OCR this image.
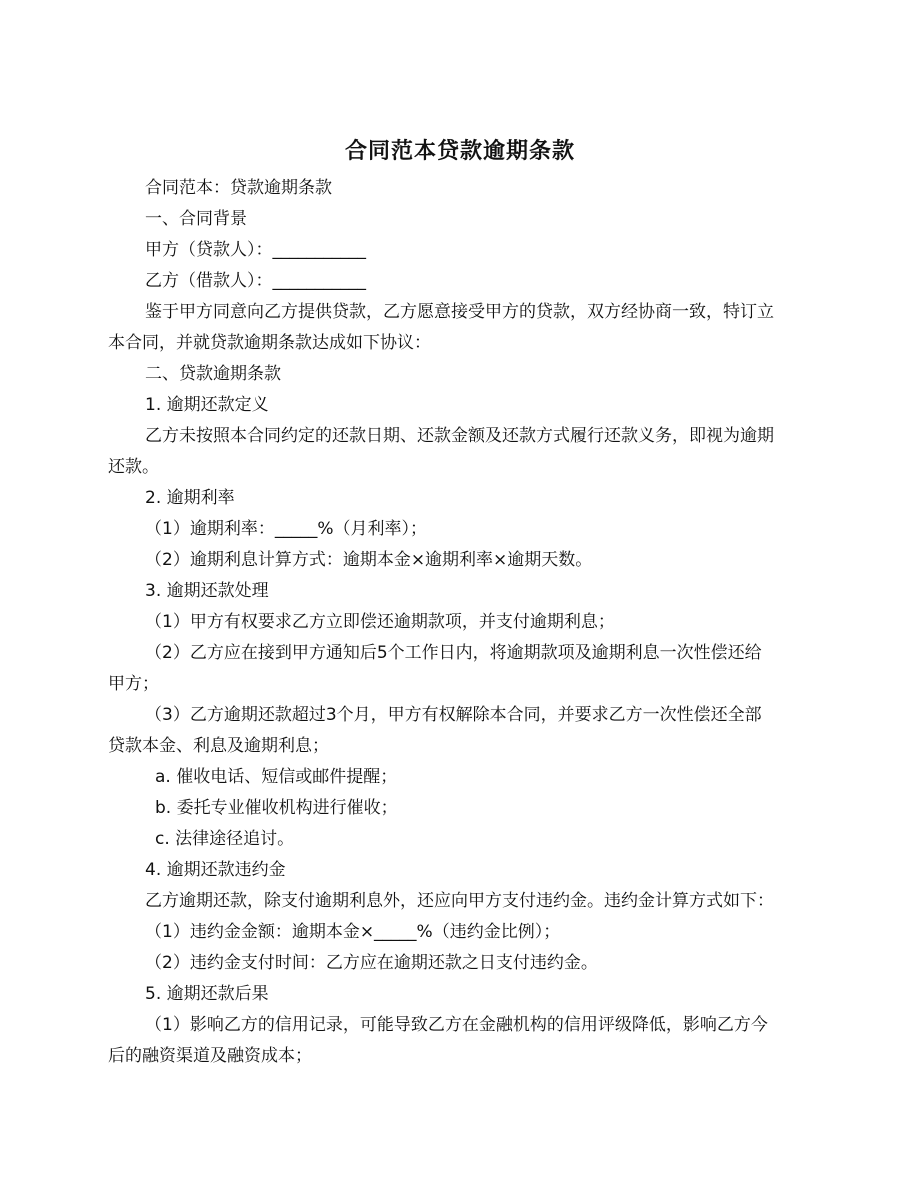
合同范本贷款逾期条款
合同范本：贷款逾期条款
一、合同背景
甲方（贷款人）：___________
乙方（借款人）：___________
鉴于甲方同意向乙方提供贷款，乙方愿意接受甲方的贷款，双方经协商一致，特订立
本合同，并就贷款逾期条款达成如下协议：
二、贷款逾期条款
1. 逾期还款定义
乙方未按照本合同约定的还款日期、还款金额及还款方式履行还款义务，即视为逾期
还款。
2. 逾期利率
（1）逾期利率：_____%（月利率）；
（2）逾期利息计算方式：逾期本金×逾期利率×逾期天数。
3. 逾期还款处理
（1）甲方有权要求乙方立即偿还逾期款项，并支付逾期利息；
（2）乙方应在接到甲方通知后5个工作日内，将逾期款项及逾期利息一次性偿还给
甲方；
（3）乙方逾期还款超过3个月，甲方有权解除本合同，并要求乙方一次性偿还全部
贷款本金、利息及逾期利息；
a. 催收电话、短信或邮件提醒；
b. 委托专业催收机构进行催收；
c. 法律途径追讨。
4. 逾期还款违约金
乙方逾期还款，除支付逾期利息外，还应向甲方支付违约金。违约金计算方式如下：
（1）违约金金额：逾期本金×_____%（违约金比例）；
（2）违约金支付时间：乙方应在逾期还款之日支付违约金。
5. 逾期还款后果
（1）影响乙方的信用记录，可能导致乙方在金融机构的信用评级降低，影响乙方今
后的融资渠道及融资成本；
